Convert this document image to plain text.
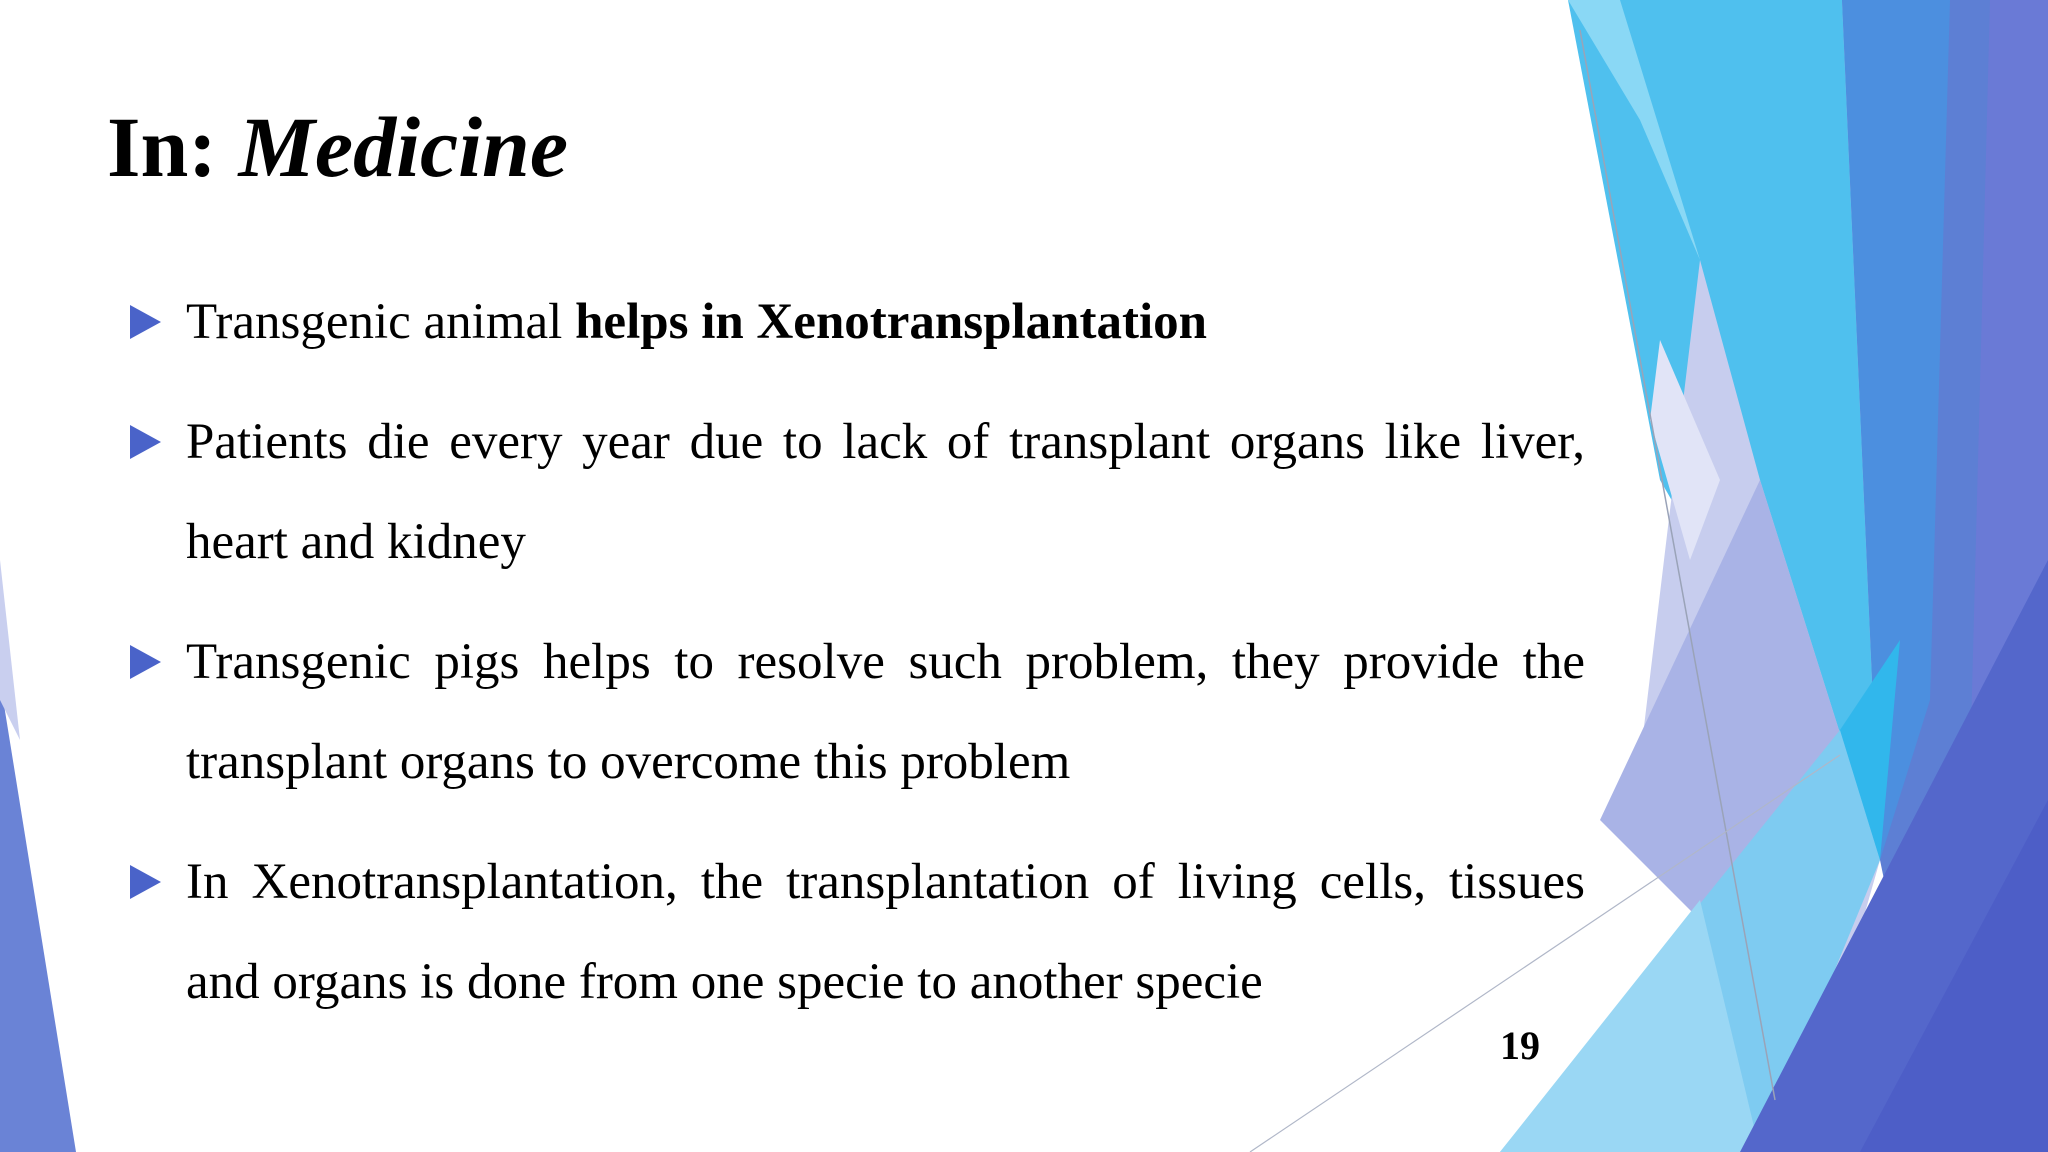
In: Medicine
Transgenic animal helps in Xenotransplantation
Patients die every year due to lack of transplant organs like liver, heart and kidney
Transgenic pigs helps to resolve such problem, they provide the transplant organs to overcome this problem
In Xenotransplantation, the transplantation of living cells, tissues and organs is done from one specie to another specie
19
